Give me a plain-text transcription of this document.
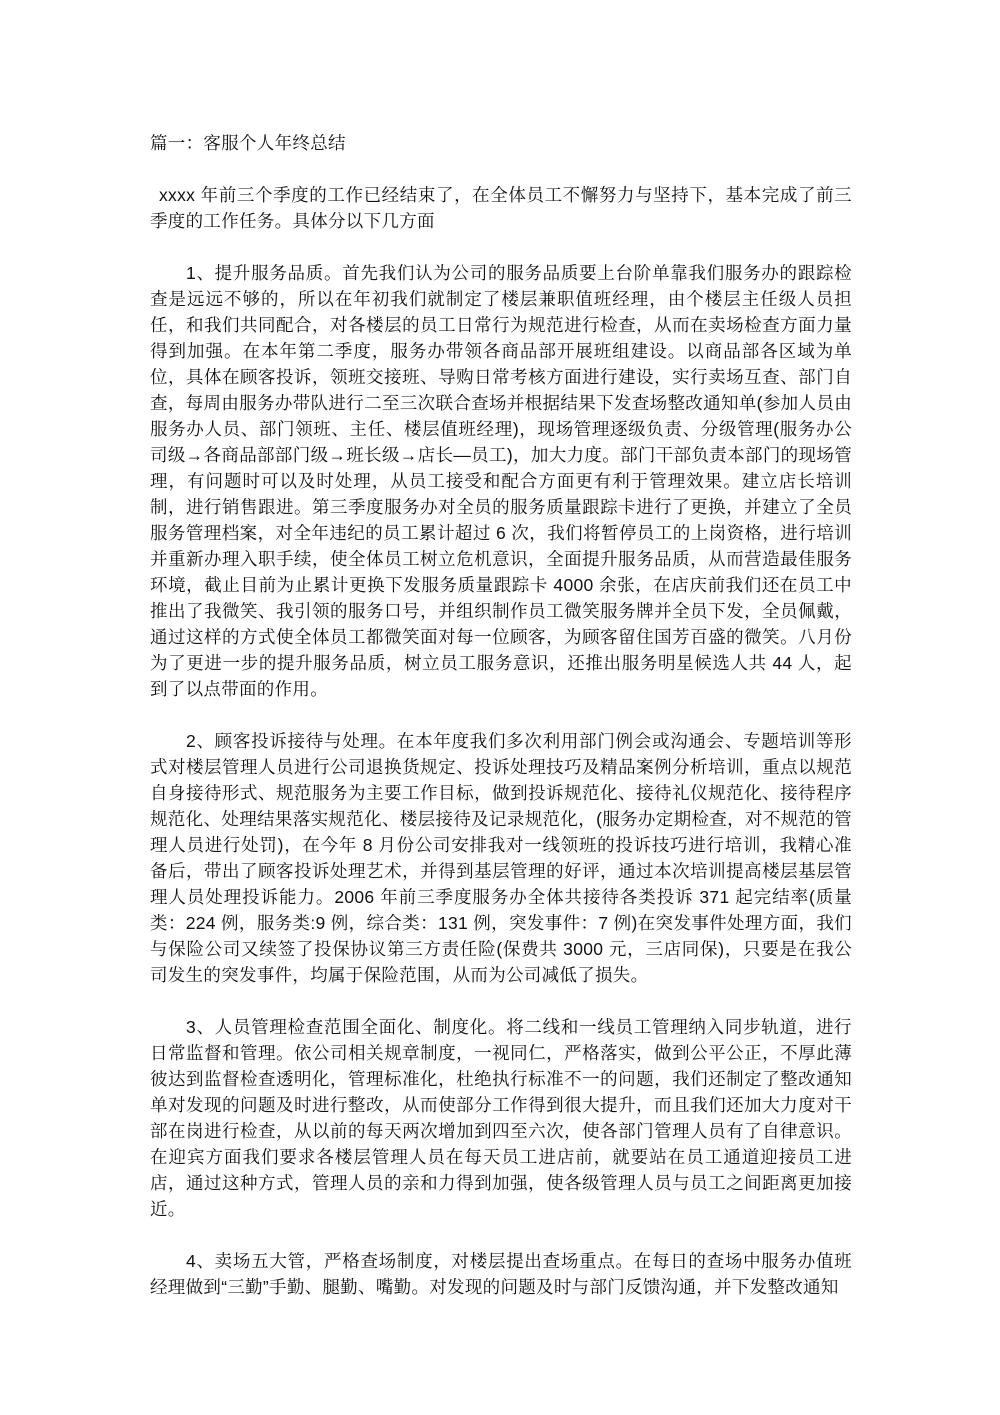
篇一：客服个人年终总结

xxxx 年前三个季度的工作已经结束了，在全体员工不懈努力与坚持下，基本完成了前三季度的工作任务。具体分以下几方面

1、提升服务品质。首先我们认为公司的服务品质要上台阶单靠我们服务办的跟踪检查是远远不够的，所以在年初我们就制定了楼层兼职值班经理，由个楼层主任级人员担任，和我们共同配合，对各楼层的员工日常行为规范进行检查，从而在卖场检查方面力量得到加强。在本年第二季度，服务办带领各商品部开展班组建设。以商品部各区域为单位，具体在顾客投诉，领班交接班、导购日常考核方面进行建设，实行卖场互查、部门自查，每周由服务办带队进行二至三次联合查场并根据结果下发查场整改通知单(参加人员由服务办人员、部门领班、主任、楼层值班经理)，现场管理逐级负责、分级管理(服务办公司级→各商品部部门级→班长级→店长―员工)，加大力度。部门干部负责本部门的现场管理，有问题时可以及时处理，从员工接受和配合方面更有利于管理效果。建立店长培训制，进行销售跟进。第三季度服务办对全员的服务质量跟踪卡进行了更换，并建立了全员服务管理档案，对全年违纪的员工累计超过 6 次，我们将暂停员工的上岗资格，进行培训并重新办理入职手续，使全体员工树立危机意识，全面提升服务品质，从而营造最佳服务环境，截止目前为止累计更换下发服务质量跟踪卡 4000 余张，在店庆前我们还在员工中推出了我微笑、我引领的服务口号，并组织制作员工微笑服务牌并全员下发，全员佩戴，通过这样的方式使全体员工都微笑面对每一位顾客，为顾客留住国芳百盛的微笑。八月份为了更进一步的提升服务品质，树立员工服务意识，还推出服务明星候选人共 44 人，起到了以点带面的作用。

2、顾客投诉接待与处理。在本年度我们多次利用部门例会或沟通会、专题培训等形式对楼层管理人员进行公司退换货规定、投诉处理技巧及精品案例分析培训，重点以规范自身接待形式、规范服务为主要工作目标，做到投诉规范化、接待礼仪规范化、接待程序规范化、处理结果落实规范化、楼层接待及记录规范化，(服务办定期检查，对不规范的管理人员进行处罚)，在今年 8 月份公司安排我对一线领班的投诉技巧进行培训，我精心准备后，带出了顾客投诉处理艺术，并得到基层管理的好评，通过本次培训提高楼层基层管理人员处理投诉能力。2006 年前三季度服务办全体共接待各类投诉 371 起完结率(质量类：224 例，服务类:9 例，综合类：131 例，突发事件：7 例)在突发事件处理方面，我们与保险公司又续签了投保协议第三方责任险(保费共 3000 元，三店同保)，只要是在我公司发生的突发事件，均属于保险范围，从而为公司减低了损失。

3、人员管理检查范围全面化、制度化。将二线和一线员工管理纳入同步轨道，进行日常监督和管理。依公司相关规章制度，一视同仁，严格落实，做到公平公正，不厚此薄彼达到监督检查透明化，管理标准化，杜绝执行标准不一的问题，我们还制定了整改通知单对发现的问题及时进行整改，从而使部分工作得到很大提升，而且我们还加大力度对干部在岗进行检查，从以前的每天两次增加到四至六次，使各部门管理人员有了自律意识。在迎宾方面我们要求各楼层管理人员在每天员工进店前，就要站在员工通道迎接员工进店，通过这种方式，管理人员的亲和力得到加强，使各级管理人员与员工之间距离更加接近。

4、卖场五大管，严格查场制度，对楼层提出查场重点。在每日的查场中服务办值班经理做到“三勤”手勤、腿勤、嘴勤。对发现的问题及时与部门反馈沟通，并下发整改通知
